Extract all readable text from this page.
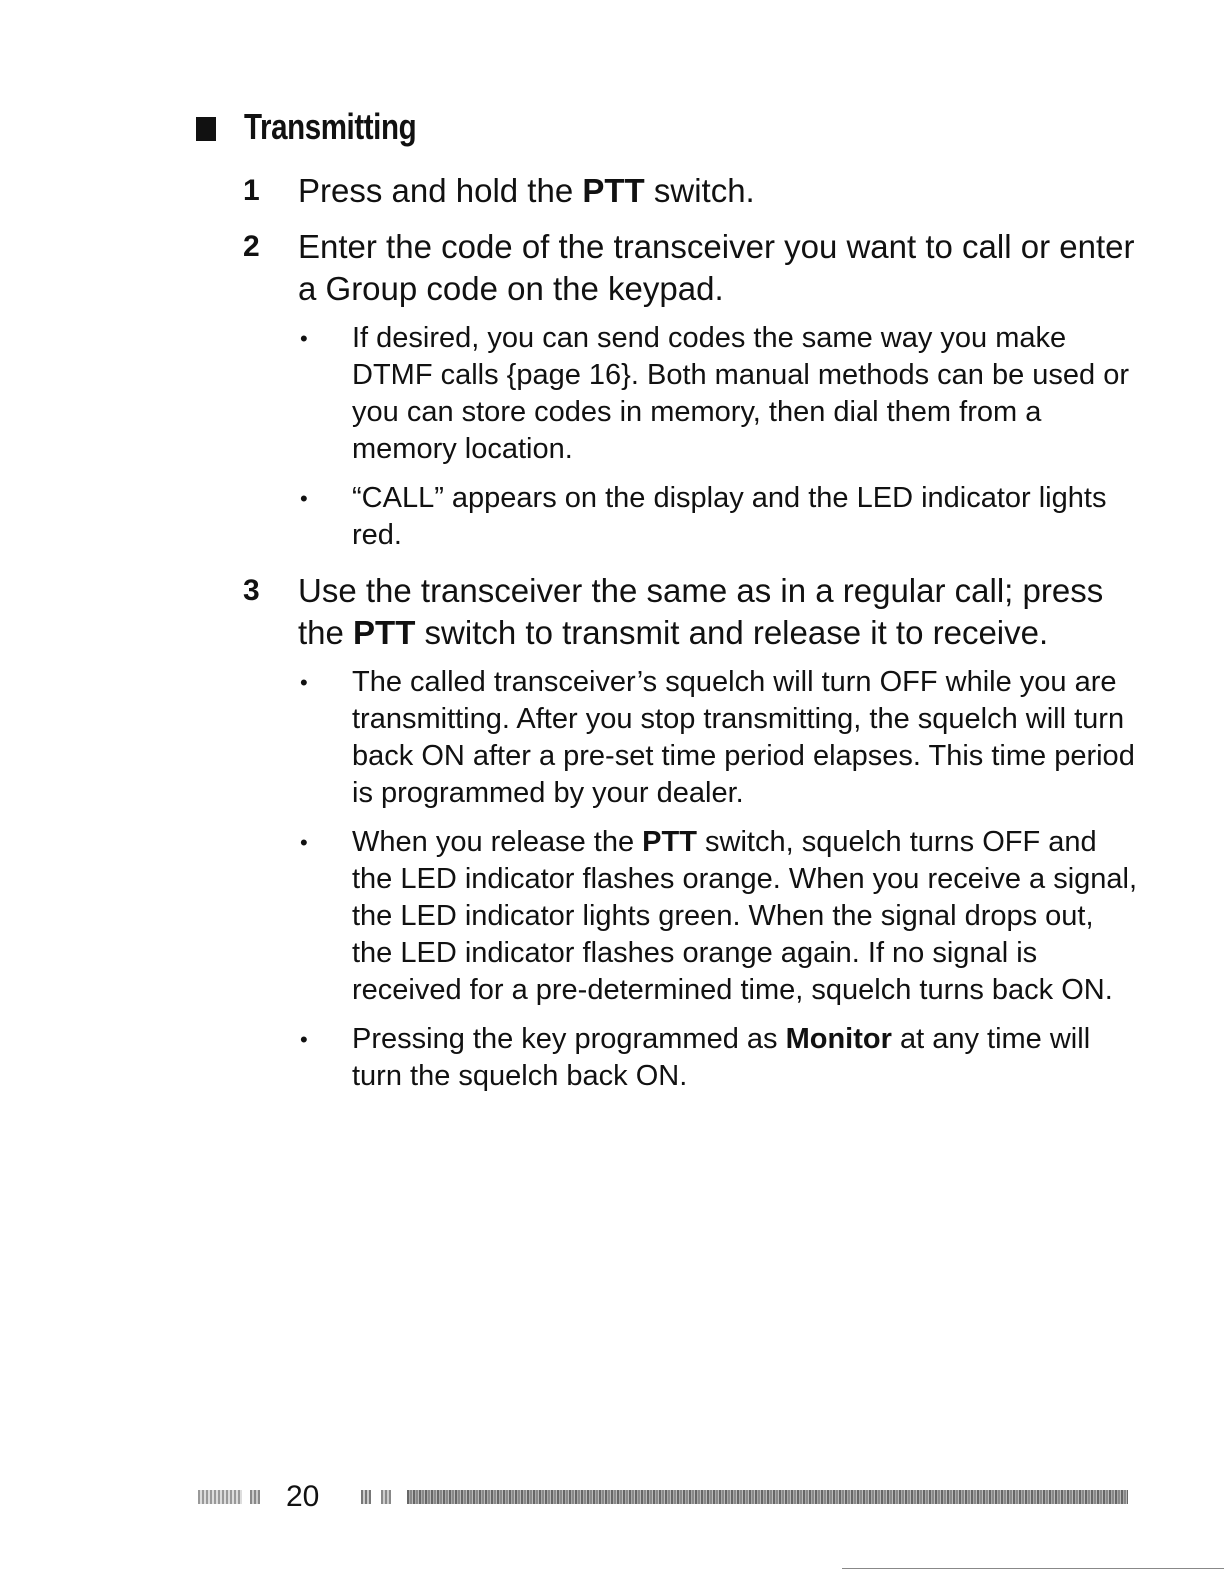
Transmitting
1	Press and hold the PTT switch.

2	Enter the code of the transceiver you want to call or enter a Group code on the keypad.

•	If desired, you can send codes the same way you make DTMF calls {page 16}. Both manual methods can be used or you can store codes in memory, then dial them from a memory location.
•	“CALL” appears on the display and the LED indicator lights red.
3	Use the transceiver the same as in a regular call; press the PTT switch to transmit and release it to receive.

•	The called transceiver’s squelch will turn OFF while you are transmitting. After you stop transmitting, the squelch will turn back ON after a pre-set time period elapses. This time period is programmed by your dealer.
•	When you release the PTT switch, squelch turns OFF and the LED indicator flashes orange. When you receive a signal, the LED indicator lights green. When the signal drops out, the LED indicator flashes orange again. If no signal is received for a pre-determined time, squelch turns back ON.
•	Pressing the key programmed as Monitor at any time will turn the squelch back ON.
20
